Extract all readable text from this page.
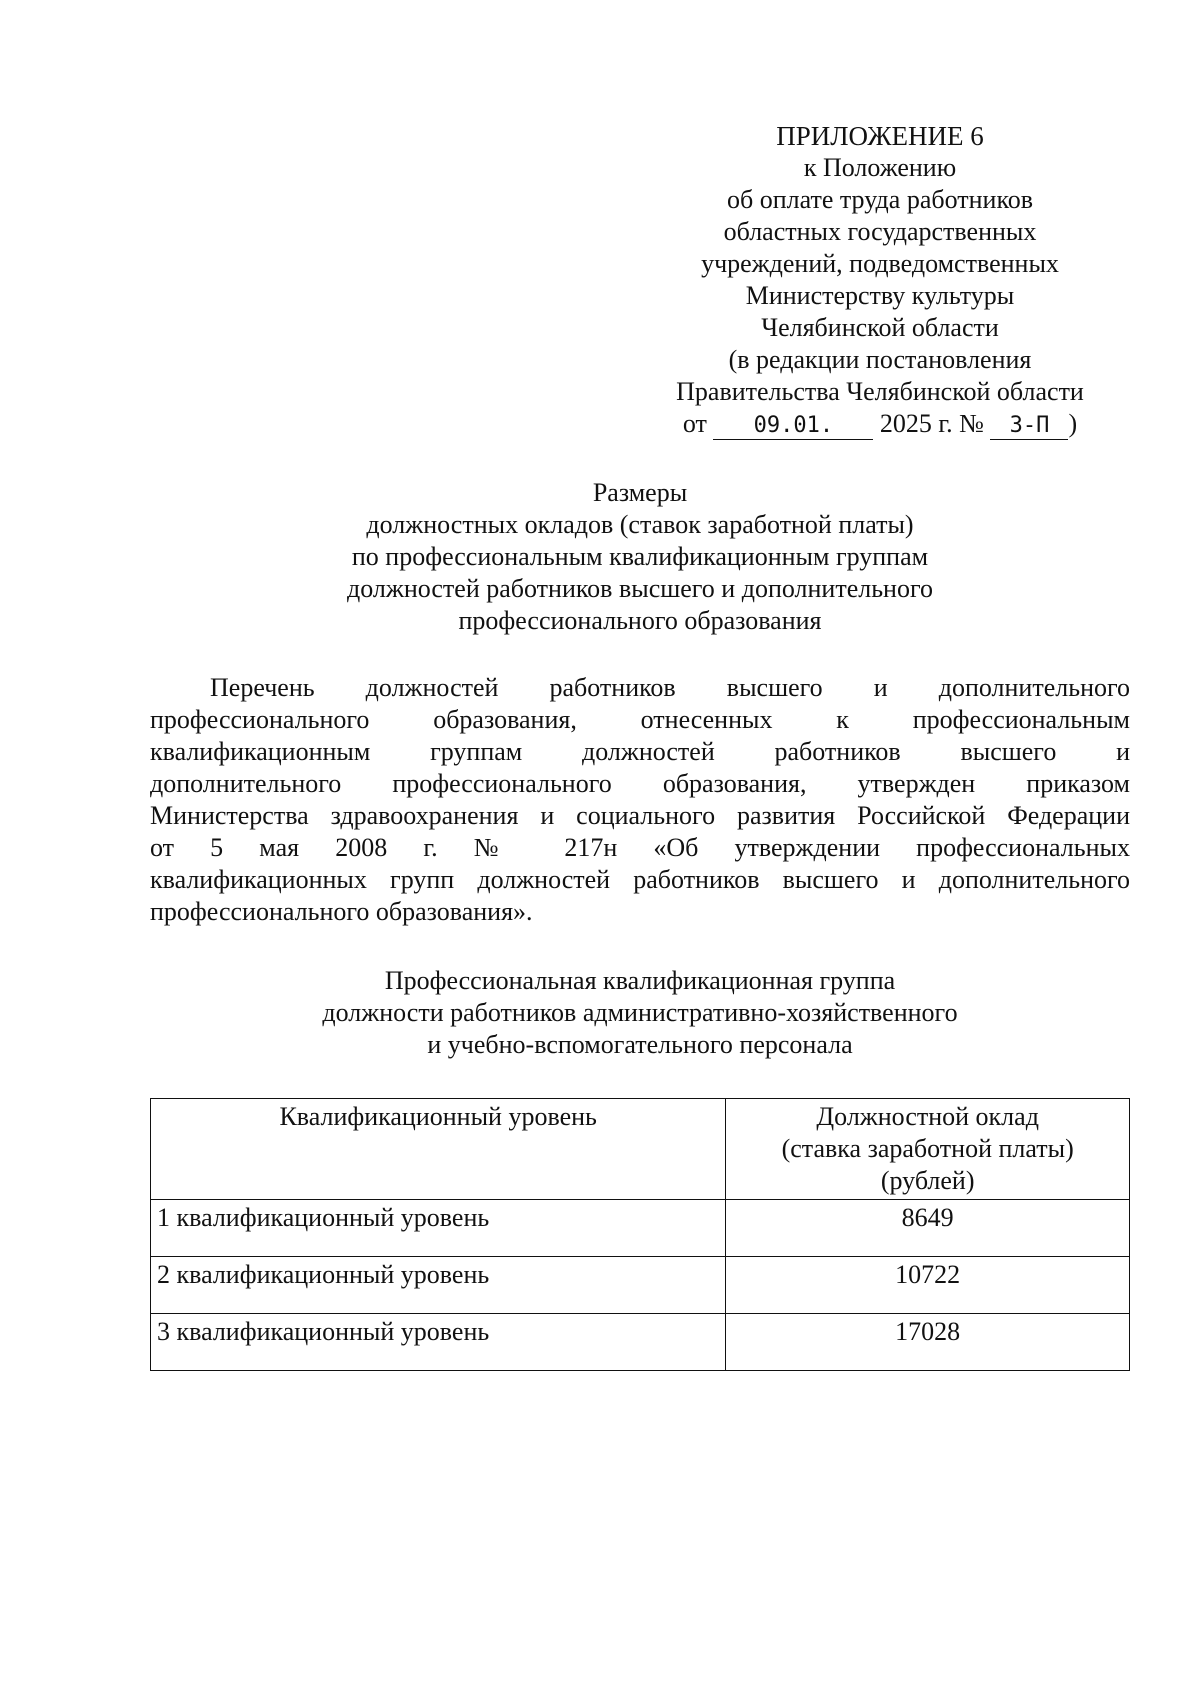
ПРИЛОЖЕНИЕ 6
к Положению
об оплате труда работников
областных государственных
учреждений, подведомственных
Министерству культуры
Челябинской области
(в редакции постановления
Правительства Челябинской области
от 09.01. 2025 г. № 3-П )
Размеры
должностных окладов (ставок заработной платы)
по профессиональным квалификационным группам
должностей работников высшего и дополнительного
профессионального образования
Перечень должностей работников высшего и дополнительного
профессионального образования, отнесенных к профессиональным
квалификационным группам должностей работников высшего и
дополнительного профессионального образования, утвержден приказом
Министерства здравоохранения и социального развития Российской Федерации
от 5 мая 2008 г. № 217н «Об утверждении профессиональных
квалификационных групп должностей работников высшего и дополнительного
профессионального образования».
Профессиональная квалификационная группа
должности работников административно-хозяйственного
и учебно-вспомогательного персонала
Квалификационный уровень	Должностной оклад
(ставка заработной платы)
(рублей)

1 квалификационный уровень	8649
2 квалификационный уровень	10722
3 квалификационный уровень	17028
